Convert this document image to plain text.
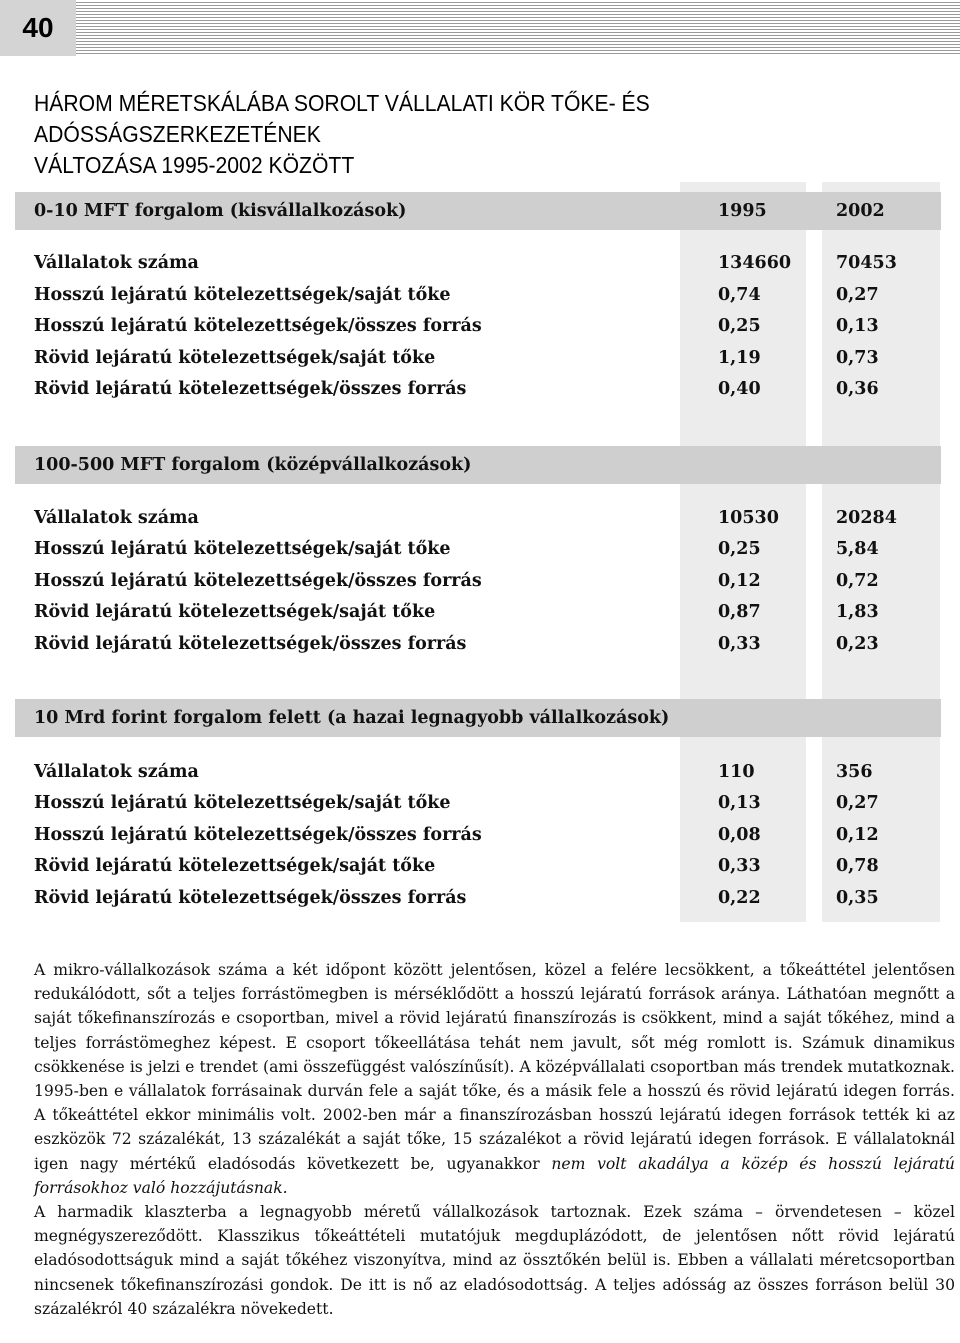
40
HÁROM MÉRETSKÁLÁBA SOROLT VÁLLALATI KÖR TŐKE- ÉS ADÓSSÁGSZERKEZETÉNEK
VÁLTOZÁSA 1995-2002 KÖZÖTT
0-10 MFT forgalom (kisvállalkozások)	1995	2002
Vállalatok száma	134660	70453
Hosszú lejáratú kötelezettségek/saját tőke	0,74	0,27
Hosszú lejáratú kötelezettségek/összes forrás	0,25	0,13
Rövid lejáratú kötelezettségek/saját tőke	1,19	0,73
Rövid lejáratú kötelezettségek/összes forrás	0,40	0,36
100-500 MFT forgalom (középvállalkozások)
Vállalatok száma	10530	20284
Hosszú lejáratú kötelezettségek/saját tőke	0,25	5,84
Hosszú lejáratú kötelezettségek/összes forrás	0,12	0,72
Rövid lejáratú kötelezettségek/saját tőke	0,87	1,83
Rövid lejáratú kötelezettségek/összes forrás	0,33	0,23
10 Mrd forint forgalom felett (a hazai legnagyobb vállalkozások)
Vállalatok száma	110	356
Hosszú lejáratú kötelezettségek/saját tőke	0,13	0,27
Hosszú lejáratú kötelezettségek/összes forrás	0,08	0,12
Rövid lejáratú kötelezettségek/saját tőke	0,33	0,78
Rövid lejáratú kötelezettségek/összes forrás	0,22	0,35

A mikro-vállalkozások száma a két időpont között jelentősen, közel a felére lecsökkent, a tőkeáttétel jelentősen redukálódott, sőt a teljes forrástömegben is mérséklődött a hosszú lejáratú források aránya. Láthatóan megnőtt a saját tőkefinanszírozás e csoportban, mivel a rövid lejáratú finanszírozás is csökkent, mind a saját tőkéhez, mind a teljes forrástömeghez képest. E csoport tőkeellátása tehát nem javult, sőt még romlott is. Számuk dinamikus csökkenése is jelzi e trendet (ami összefüggést valószínűsít). A középvállalati csoportban más trendek mutatkoznak. 1995-ben e vállalatok forrásainak durván fele a saját tőke, és a másik fele a hosszú és rövid lejáratú idegen forrás. A tőkeáttétel ekkor minimális volt. 2002-ben már a finanszírozásban hosszú lejáratú idegen források tették ki az eszközök 72 százalékát, 13 százalékát a saját tőke, 15 százalékot a rövid lejáratú idegen források. E vállalatoknál igen nagy mértékű eladósodás következett be, ugyanakkor nem volt akadálya a közép és hosszú lejáratú forrásokhoz való hozzájutásnak.

A harmadik klaszterba a legnagyobb méretű vállalkozások tartoznak. Ezek száma – örvendetesen – közel megnégyszereződött. Klasszikus tőkeáttételi mutatójuk megduplázódott, de jelentősen nőtt rövid lejáratú eladósodottságuk mind a saját tőkéhez viszonyítva, mind az össztőkén belül is. Ebben a vállalati méretcsoportban nincsenek tőkefinanszírozási gondok. De itt is nő az eladósodottság. A teljes adósság az összes forráson belül 30 százalékról 40 százalékra növekedett.
